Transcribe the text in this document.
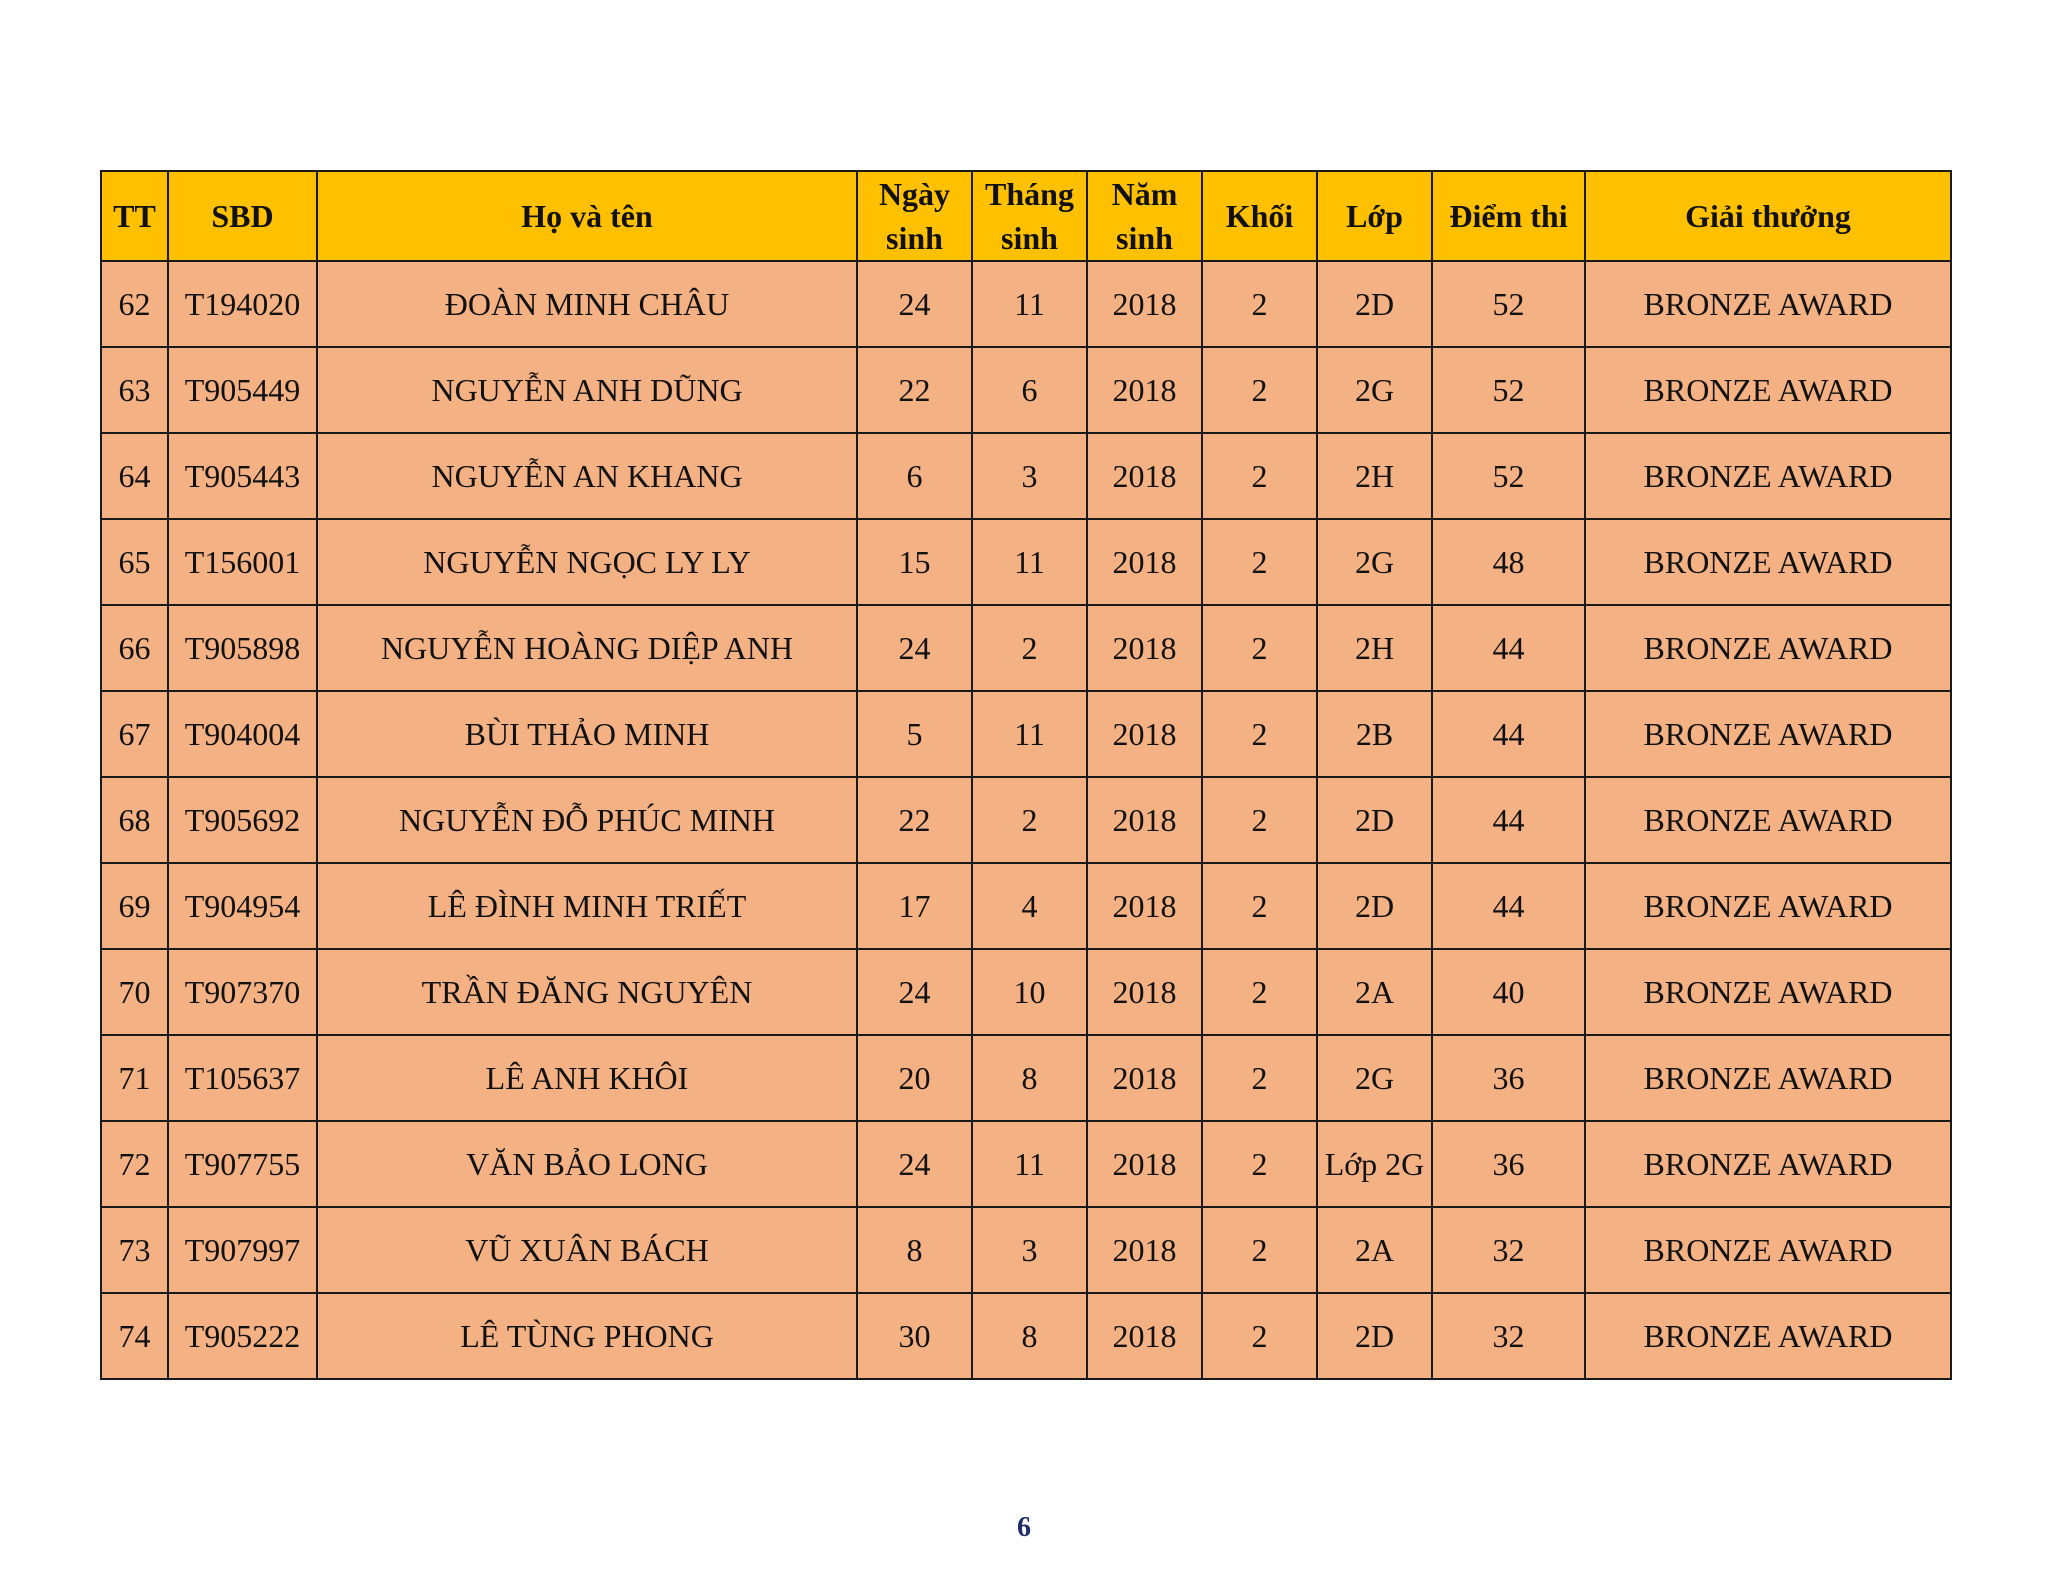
TT	SBD	Họ và tên	Ngày sinh	Tháng sinh	Năm sinh	Khối	Lớp	Điểm thi	Giải thưởng
62	T194020	ĐOÀN MINH CHÂU	24	11	2018	2	2D	52	BRONZE AWARD
63	T905449	NGUYỄN ANH DŨNG	22	6	2018	2	2G	52	BRONZE AWARD
64	T905443	NGUYỄN AN KHANG	6	3	2018	2	2H	52	BRONZE AWARD
65	T156001	NGUYỄN NGỌC LY LY	15	11	2018	2	2G	48	BRONZE AWARD
66	T905898	NGUYỄN HOÀNG DIỆP ANH	24	2	2018	2	2H	44	BRONZE AWARD
67	T904004	BÙI THẢO MINH	5	11	2018	2	2B	44	BRONZE AWARD
68	T905692	NGUYỄN ĐỖ PHÚC MINH	22	2	2018	2	2D	44	BRONZE AWARD
69	T904954	LÊ ĐÌNH MINH TRIẾT	17	4	2018	2	2D	44	BRONZE AWARD
70	T907370	TRẦN ĐĂNG NGUYÊN	24	10	2018	2	2A	40	BRONZE AWARD
71	T105637	LÊ ANH KHÔI	20	8	2018	2	2G	36	BRONZE AWARD
72	T907755	VĂN BẢO LONG	24	11	2018	2	Lớp 2G	36	BRONZE AWARD
73	T907997	VŨ XUÂN BÁCH	8	3	2018	2	2A	32	BRONZE AWARD
74	T905222	LÊ TÙNG PHONG	30	8	2018	2	2D	32	BRONZE AWARD
6
